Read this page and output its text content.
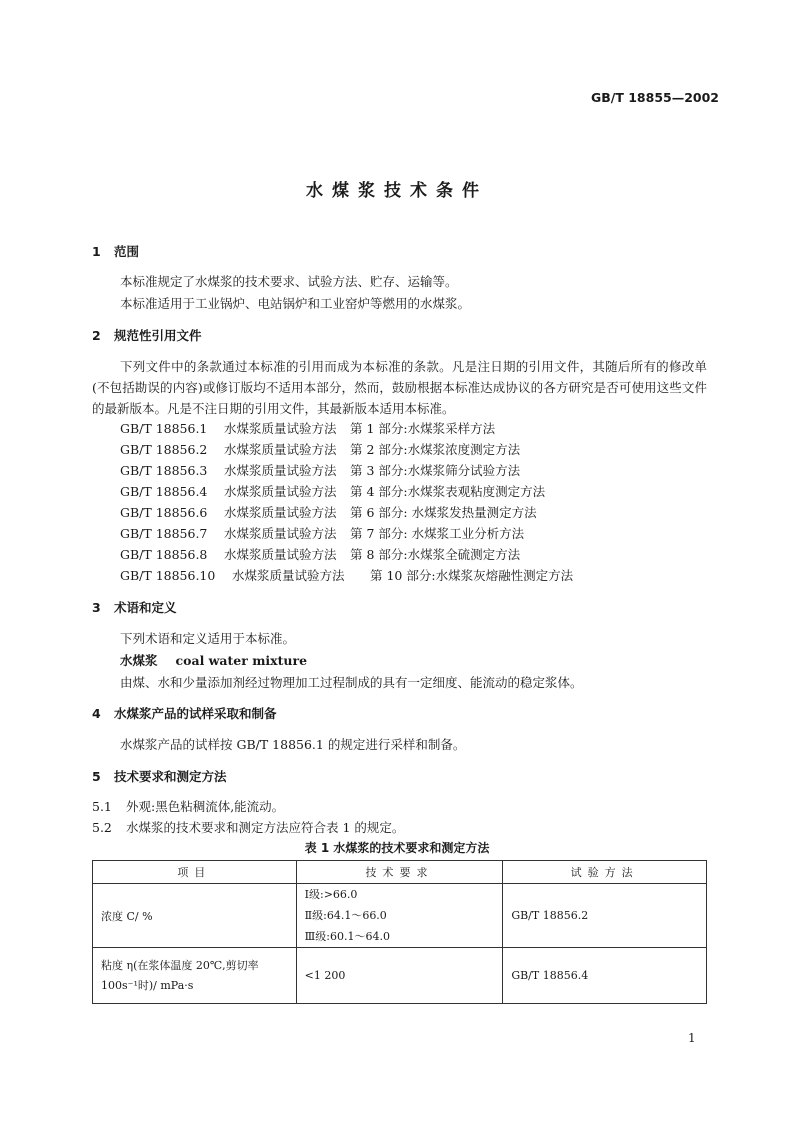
GB/T 18855—2002
水煤浆技术条件
1 范围
本标准规定了水煤浆的技术要求、试验方法、贮存、运输等。
本标准适用于工业锅炉、电站锅炉和工业窑炉等燃用的水煤浆。
2 规范性引用文件
下列文件中的条款通过本标准的引用而成为本标准的条款。凡是注日期的引用文件，其随后所有的修改单(不包括勘误的内容)或修订版均不适用本部分，然而，鼓励根据本标准达成协议的各方研究是否可使用这些文件的最新版本。凡是不注日期的引用文件，其最新版本适用本标准。
GB/T 18856.1 水煤浆质量试验方法 第 1 部分:水煤浆采样方法
GB/T 18856.2 水煤浆质量试验方法 第 2 部分:水煤浆浓度测定方法
GB/T 18856.3 水煤浆质量试验方法 第 3 部分:水煤浆筛分试验方法
GB/T 18856.4 水煤浆质量试验方法 第 4 部分:水煤浆表观粘度测定方法
GB/T 18856.6 水煤浆质量试验方法 第 6 部分: 水煤浆发热量测定方法
GB/T 18856.7 水煤浆质量试验方法 第 7 部分: 水煤浆工业分析方法
GB/T 18856.8 水煤浆质量试验方法 第 8 部分:水煤浆全硫测定方法
GB/T 18856.10 水煤浆质量试验方法 第 10 部分:水煤浆灰熔融性测定方法
3 术语和定义
下列术语和定义适用于本标准。
水煤浆 coal water mixture
由煤、水和少量添加剂经过物理加工过程制成的具有一定细度、能流动的稳定浆体。
4 水煤浆产品的试样采取和制备
水煤浆产品的试样按 GB/T 18856.1 的规定进行采样和制备。
5 技术要求和测定方法
5.1 外观:黑色粘稠流体,能流动。
5.2 水煤浆的技术要求和测定方法应符合表 1 的规定。
表 1 水煤浆的技术要求和测定方法
项目	技术要求	试验方法
浓度 C/ %	Ⅰ级:>66.0
Ⅱ级:64.1～66.0
Ⅲ级:60.1～64.0	GB/T 18856.2
粘度 η(在浆体温度 20℃,剪切率 100s⁻¹时)/ mPa·s	<1 200	GB/T 18856.4
1
